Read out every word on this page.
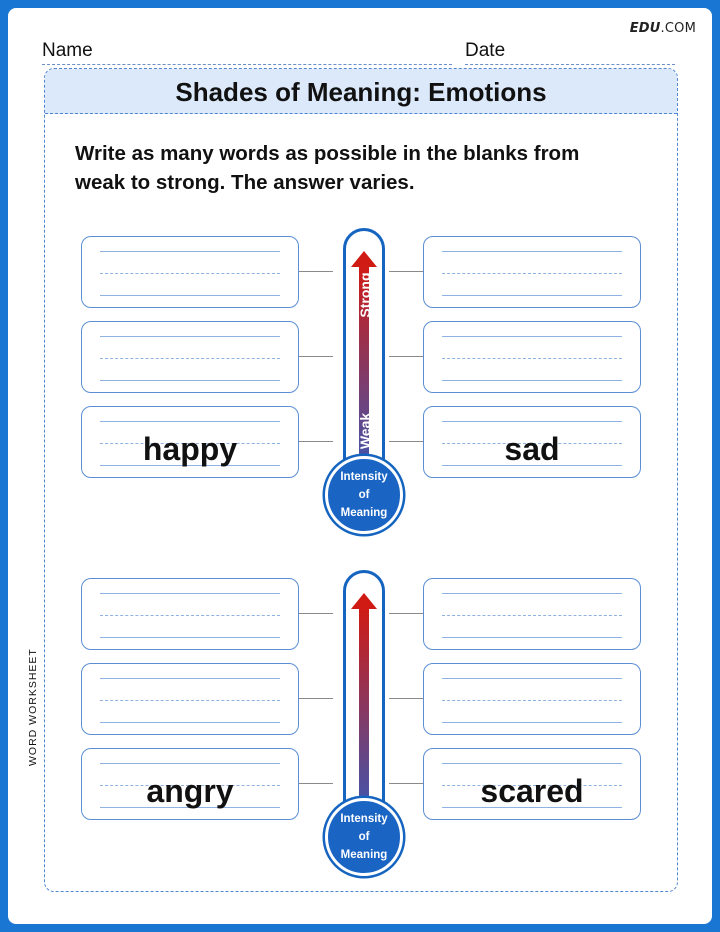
EDU.COM
Name	Date
WORD WORKSHEET
Shades of Meaning: Emotions
Write as many words as possible in the blanks from weak to strong. The answer varies.
happy	sad
Strong
Weak
Intensity
of
Meaning
angry	scared
Intensity
of
Meaning
